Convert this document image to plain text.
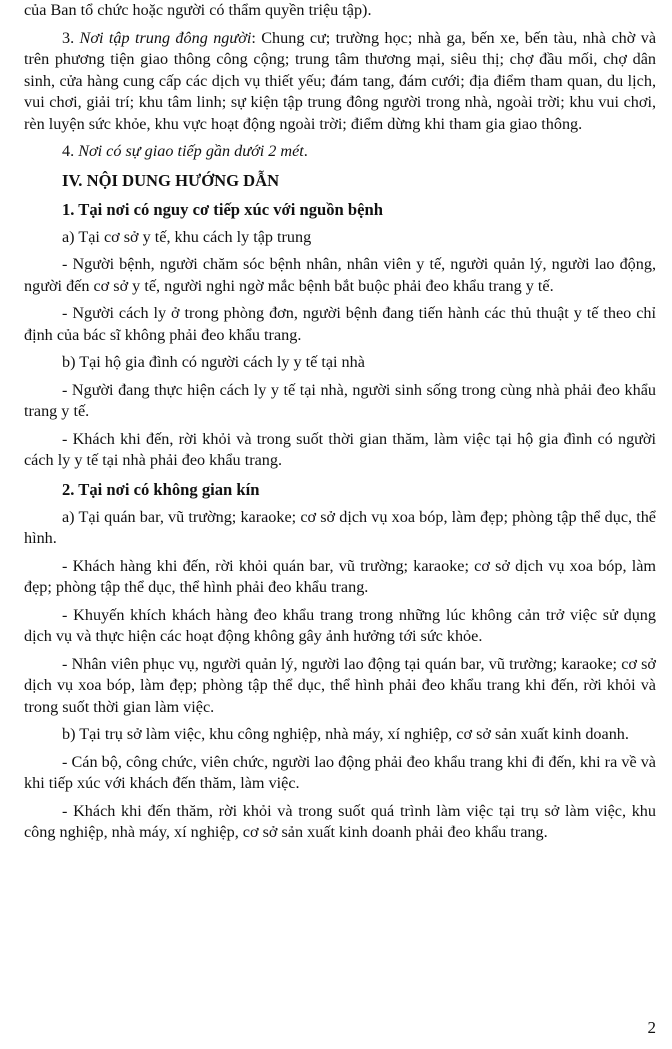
của Ban tổ chức hoặc người có thẩm quyền triệu tập).

3. Nơi tập trung đông người: Chung cư; trường học; nhà ga, bến xe, bến tàu, nhà chờ và trên phương tiện giao thông công cộng; trung tâm thương mại, siêu thị; chợ đầu mối, chợ dân sinh, cửa hàng cung cấp các dịch vụ thiết yếu; đám tang, đám cưới; địa điểm tham quan, du lịch, vui chơi, giải trí; khu tâm linh; sự kiện tập trung đông người trong nhà, ngoài trời; khu vui chơi, rèn luyện sức khỏe, khu vực hoạt động ngoài trời; điểm dừng khi tham gia giao thông.

4. Nơi có sự giao tiếp gần dưới 2 mét.

IV. NỘI DUNG HƯỚNG DẪN
1. Tại nơi có nguy cơ tiếp xúc với nguồn bệnh

a) Tại cơ sở y tế, khu cách ly tập trung

- Người bệnh, người chăm sóc bệnh nhân, nhân viên y tế, người quản lý, người lao động, người đến cơ sở y tế, người nghi ngờ mắc bệnh bắt buộc phải đeo khẩu trang y tế.

- Người cách ly ở trong phòng đơn, người bệnh đang tiến hành các thủ thuật y tế theo chỉ định của bác sĩ không phải đeo khẩu trang.

b) Tại hộ gia đình có người cách ly y tế tại nhà

- Người đang thực hiện cách ly y tế tại nhà, người sinh sống trong cùng nhà phải đeo khẩu trang y tế.

- Khách khi đến, rời khỏi và trong suốt thời gian thăm, làm việc tại hộ gia đình có người cách ly y tế tại nhà phải đeo khẩu trang.

2. Tại nơi có không gian kín

a) Tại quán bar, vũ trường; karaoke; cơ sở dịch vụ xoa bóp, làm đẹp; phòng tập thể dục, thể hình.

- Khách hàng khi đến, rời khỏi quán bar, vũ trường; karaoke; cơ sở dịch vụ xoa bóp, làm đẹp; phòng tập thể dục, thể hình phải đeo khẩu trang.

- Khuyến khích khách hàng đeo khẩu trang trong những lúc không cản trở việc sử dụng dịch vụ và thực hiện các hoạt động không gây ảnh hưởng tới sức khỏe.

- Nhân viên phục vụ, người quản lý, người lao động tại quán bar, vũ trường; karaoke; cơ sở dịch vụ xoa bóp, làm đẹp; phòng tập thể dục, thể hình phải đeo khẩu trang khi đến, rời khỏi và trong suốt thời gian làm việc.

b) Tại trụ sở làm việc, khu công nghiệp, nhà máy, xí nghiệp, cơ sở sản xuất kinh doanh.

- Cán bộ, công chức, viên chức, người lao động phải đeo khẩu trang khi đi đến, khi ra về và khi tiếp xúc với khách đến thăm, làm việc.

- Khách khi đến thăm, rời khỏi và trong suốt quá trình làm việc tại trụ sở làm việc, khu công nghiệp, nhà máy, xí nghiệp, cơ sở sản xuất kinh doanh phải đeo khẩu trang.

2
